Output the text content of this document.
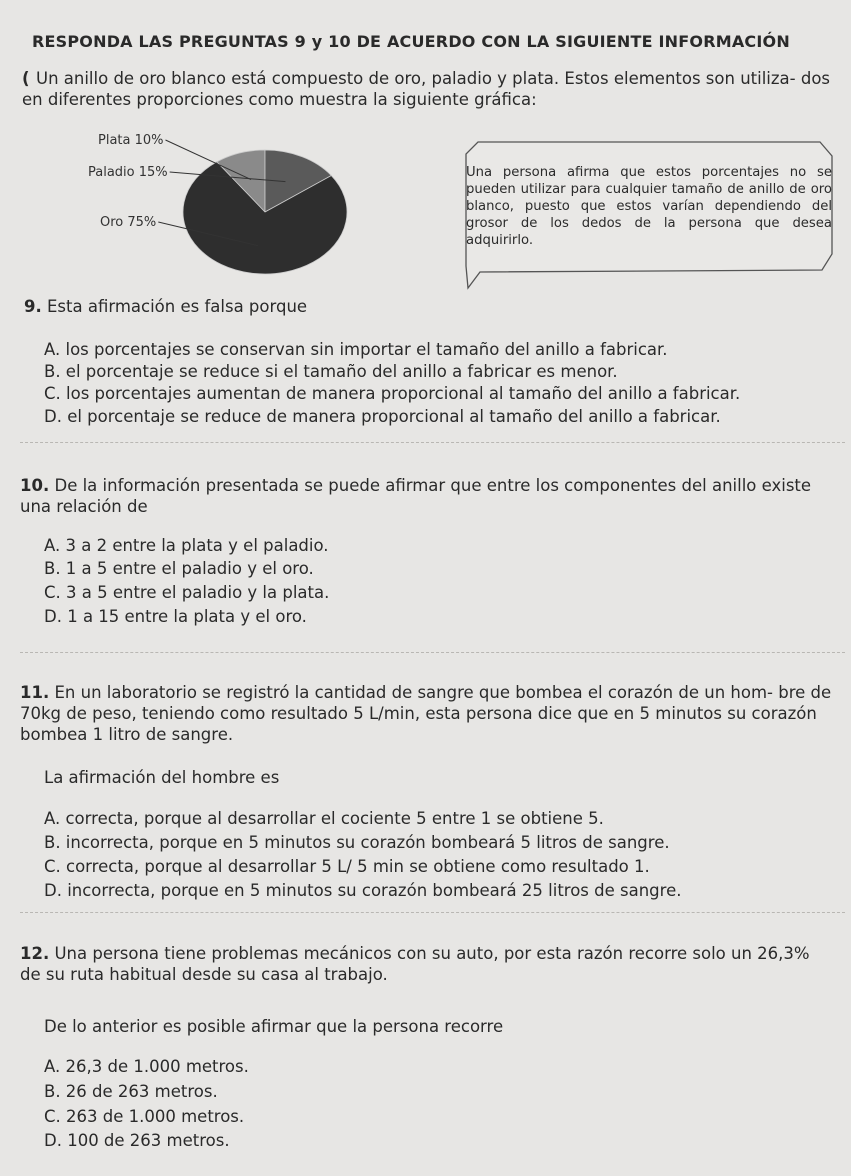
RESPONDA LAS PREGUNTAS 9 y 10 DE ACUERDO CON LA SIGUIENTE INFORMACIÓN
( Un anillo de oro blanco está compuesto de oro, paladio y plata. Estos elementos son utiliza- dos en diferentes proporciones como muestra la siguiente gráfica:
Plata 10%
Paladio 15%
Oro 75%
Una persona afirma que estos porcentajes no se pueden utilizar para cualquier tamaño de anillo de oro blanco, puesto que estos varían dependiendo del grosor de los dedos de la persona que desea adquirirlo.
9. Esta afirmación es falsa porque
A. los porcentajes se conservan sin importar el tamaño del anillo a fabricar.
B. el porcentaje se reduce si el tamaño del anillo a fabricar es menor.
C. los porcentajes aumentan de manera proporcional al tamaño del anillo a fabricar.
D. el porcentaje se reduce de manera proporcional al tamaño del anillo a fabricar.
10. De la información presentada se puede afirmar que entre los componentes del anillo existe una relación de
A. 3 a 2 entre la plata y el paladio.
B. 1 a 5 entre el paladio y el oro.
C. 3 a 5 entre el paladio y la plata.
D. 1 a 15 entre la plata y el oro.
11. En un laboratorio se registró la cantidad de sangre que bombea el corazón de un hom- bre de 70kg de peso, teniendo como resultado 5 L/min, esta persona dice que en 5 minutos su corazón bombea 1 litro de sangre.
La afirmación del hombre es
A. correcta, porque al desarrollar el cociente 5 entre 1 se obtiene 5.
B. incorrecta, porque en 5 minutos su corazón bombeará 5 litros de sangre.
C. correcta, porque al desarrollar 5 L/ 5 min se obtiene como resultado 1.
D. incorrecta, porque en 5 minutos su corazón bombeará 25 litros de sangre.
12. Una persona tiene problemas mecánicos con su auto, por esta razón recorre solo un 26,3% de su ruta habitual desde su casa al trabajo.
De lo anterior es posible afirmar que la persona recorre
A. 26,3 de 1.000 metros.
B. 26 de 263 metros.
C. 263 de 1.000 metros.
D. 100 de 263 metros.
